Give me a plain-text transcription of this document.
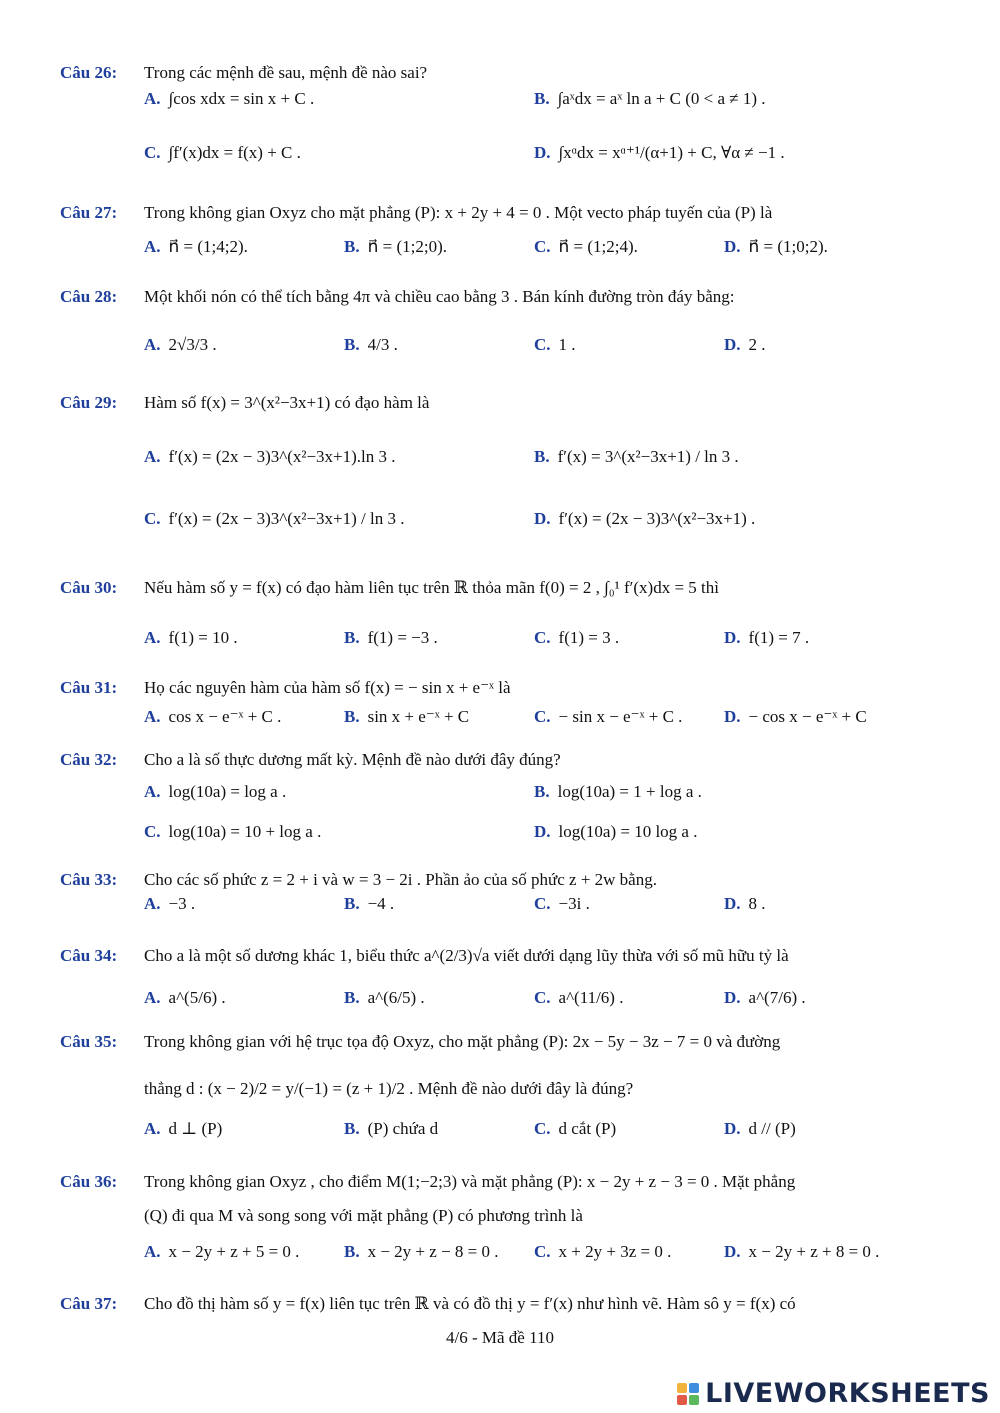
Câu 26:	Trong các mệnh đề sau, mệnh đề nào sai?
A. ∫cos xdx = sin x + C .	B. ∫aˣdx = aˣ ln a + C (0 < a ≠ 1) .
C. ∫f′(x)dx = f(x) + C .	D. ∫xᵅdx = xᵅ⁺¹/(α+1) + C, ∀α ≠ −1 .
Câu 27:	Trong không gian Oxyz cho mặt phẳng (P): x + 2y + 4 = 0 . Một vecto pháp tuyến của (P) là
A. n⃗ = (1;4;2).	B. n⃗ = (1;2;0).	C. n⃗ = (1;2;4).	D. n⃗ = (1;0;2).
Câu 28:	Một khối nón có thể tích bằng 4π và chiều cao bằng 3 . Bán kính đường tròn đáy bằng:
A. 2√3/3 .	B. 4/3 .	C. 1 .	D. 2 .
Câu 29:	Hàm số f(x) = 3^(x²−3x+1) có đạo hàm là
A. f′(x) = (2x − 3)3^(x²−3x+1).ln 3 .	B. f′(x) = 3^(x²−3x+1) / ln 3 .
C. f′(x) = (2x − 3)3^(x²−3x+1) / ln 3 .	D. f′(x) = (2x − 3)3^(x²−3x+1) .
Câu 30:	Nếu hàm số y = f(x) có đạo hàm liên tục trên ℝ thỏa mãn f(0) = 2 , ∫₀¹ f′(x)dx = 5 thì
A. f(1) = 10 .	B. f(1) = −3 .	C. f(1) = 3 .	D. f(1) = 7 .
Câu 31:	Họ các nguyên hàm của hàm số f(x) = − sin x + e⁻ˣ là
A. cos x − e⁻ˣ + C .	B. sin x + e⁻ˣ + C	C. − sin x − e⁻ˣ + C . D. − cos x − e⁻ˣ + C
Câu 32:	Cho a là số thực dương mất kỳ. Mệnh đề nào dưới đây đúng?
A. log(10a) = log a .	B. log(10a) = 1 + log a .
C. log(10a) = 10 + log a .	D. log(10a) = 10 log a .
Câu 33:	Cho các số phức z = 2 + i và w = 3 − 2i . Phần ảo của số phức z + 2w bằng.
A. −3 .	B. −4 .	C. −3i .	D. 8 .
Câu 34:	Cho a là một số dương khác 1, biểu thức a^(2/3)√a viết dưới dạng lũy thừa với số mũ hữu tỷ là
A. a^(5/6) .	B. a^(6/5) .	C. a^(11/6) .	D. a^(7/6) .
Câu 35:	Trong không gian với hệ trục tọa độ Oxyz, cho mặt phẳng (P): 2x − 5y − 3z − 7 = 0 và đường
thẳng d : (x − 2)/2 = y/(−1) = (z + 1)/2 . Mệnh đề nào dưới đây là đúng?
A. d ⊥ (P)	B. (P) chứa d	C. d cắt (P)	D. d // (P)
Câu 36:	Trong không gian Oxyz , cho điểm M(1;−2;3) và mặt phẳng (P): x − 2y + z − 3 = 0 . Mặt phẳng
(Q) đi qua M và song song với mặt phẳng (P) có phương trình là
A. x − 2y + z + 5 = 0 .	B. x − 2y + z − 8 = 0 . C. x + 2y + 3z = 0 .	D. x − 2y + z + 8 = 0 .
Câu 37:	Cho đồ thị hàm số y = f(x) liên tục trên ℝ và có đồ thị y = f′(x) như hình vẽ. Hàm sô y = f(x) có
4/6 - Mã đề 110
LIVEWORKSHEETS
